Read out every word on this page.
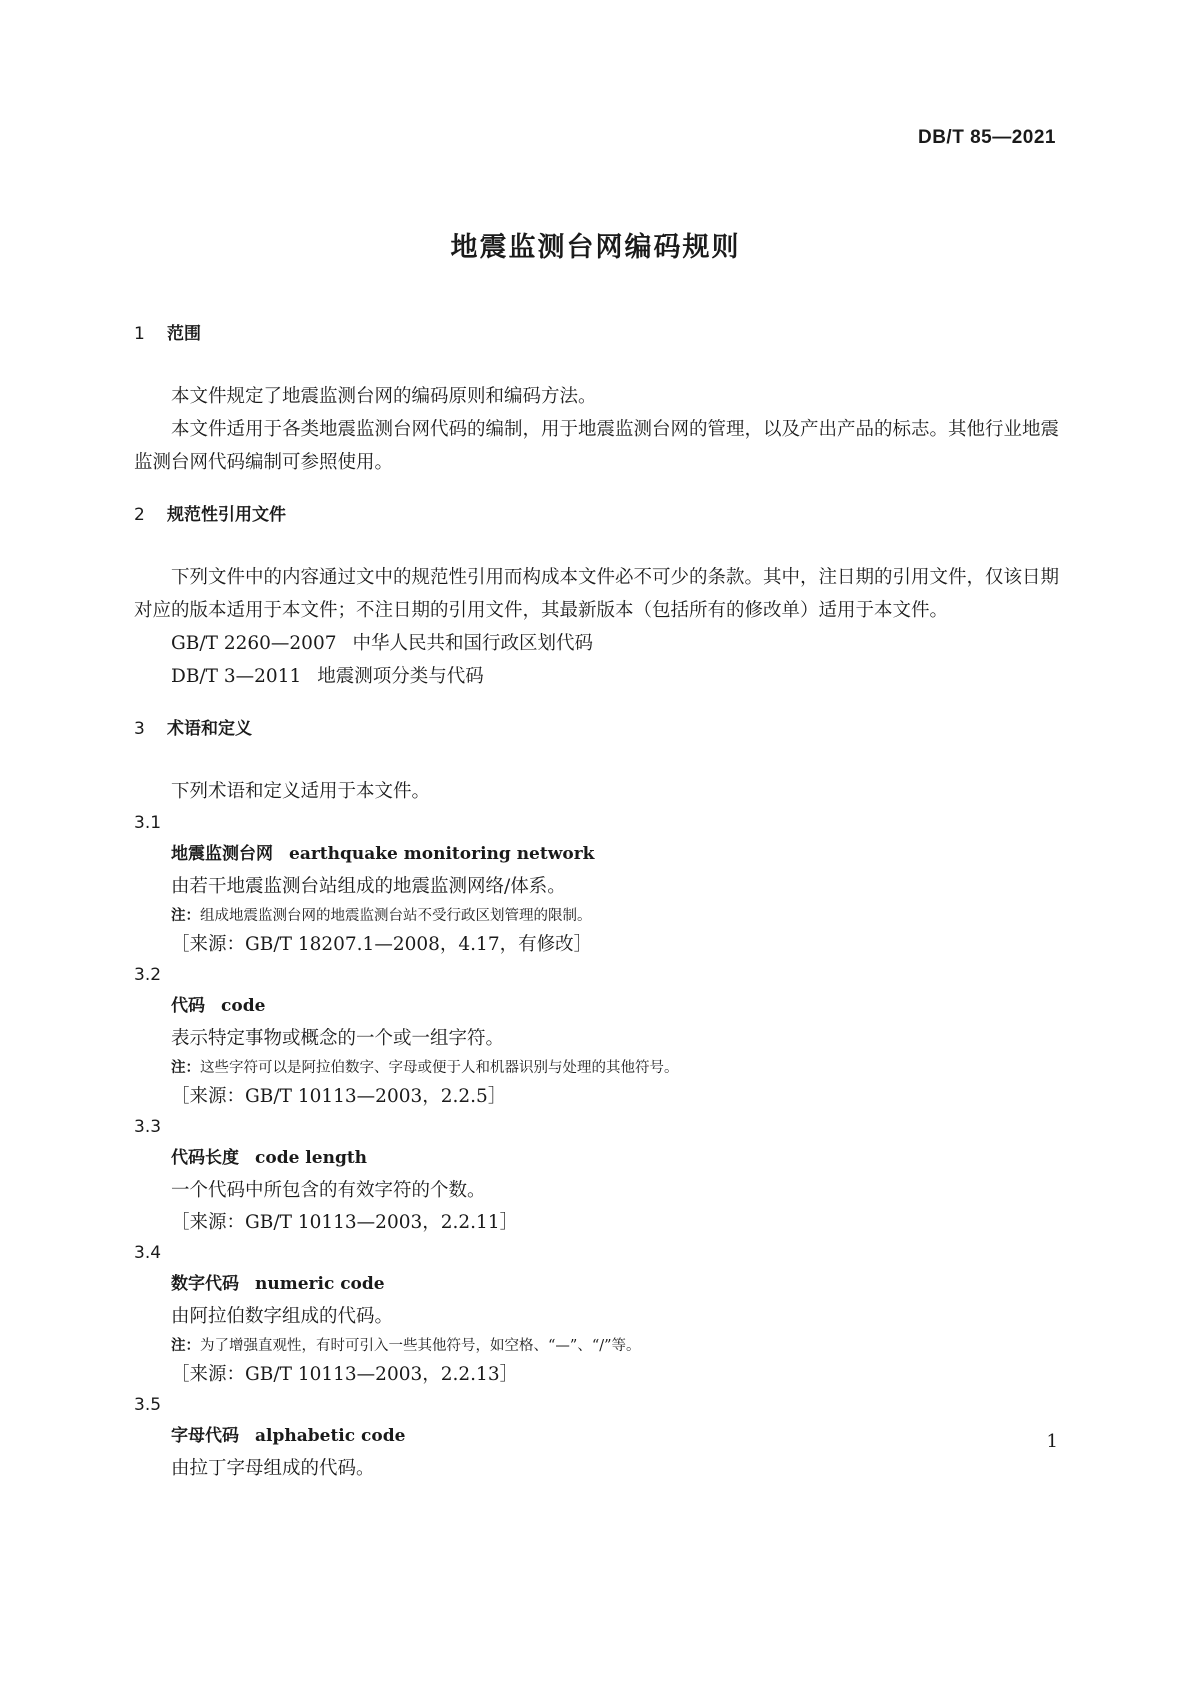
DB/T 85—2021
地震监测台网编码规则
1 范围

本文件规定了地震监测台网的编码原则和编码方法。

本文件适用于各类地震监测台网代码的编制，用于地震监测台网的管理，以及产出产品的标志。其他行业地震监测台网代码编制可参照使用。

2 规范性引用文件

下列文件中的内容通过文中的规范性引用而构成本文件必不可少的条款。其中，注日期的引用文件，仅该日期对应的版本适用于本文件；不注日期的引用文件，其最新版本（包括所有的修改单）适用于本文件。

GB/T 2260—2007 中华人民共和国行政区划代码
DB/T 3—2011 地震测项分类与代码
3 术语和定义

下列术语和定义适用于本文件。

3.1
地震监测台网 earthquake monitoring network
由若干地震监测台站组成的地震监测网络/体系。
注：组成地震监测台网的地震监测台站不受行政区划管理的限制。
［来源：GB/T 18207.1—2008，4.17，有修改］
3.2
代码 code
表示特定事物或概念的一个或一组字符。
注：这些字符可以是阿拉伯数字、字母或便于人和机器识别与处理的其他符号。
［来源：GB/T 10113—2003，2.2.5］
3.3
代码长度 code length
一个代码中所包含的有效字符的个数。
［来源：GB/T 10113—2003，2.2.11］
3.4
数字代码 numeric code
由阿拉伯数字组成的代码。
注：为了增强直观性，有时可引入一些其他符号，如空格、“—”、“/”等。
［来源：GB/T 10113—2003，2.2.13］
3.5
字母代码 alphabetic code
由拉丁字母组成的代码。
1
